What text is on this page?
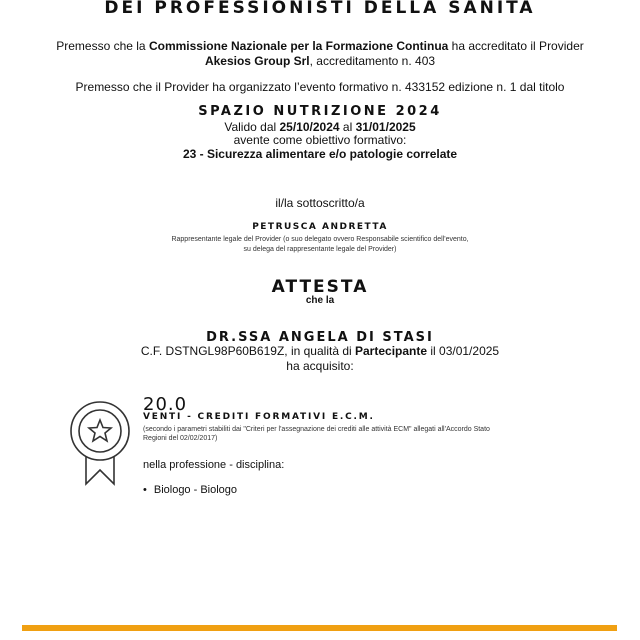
DEI PROFESSIONISTI DELLA SANITA
Premesso che la Commissione Nazionale per la Formazione Continua ha accreditato il Provider
Akesios Group Srl, accreditamento n. 403
Premesso che il Provider ha organizzato l’evento formativo n. 433152 edizione n. 1 dal titolo
SPAZIO NUTRIZIONE 2024
Valido dal 25/10/2024 al 31/01/2025
avente come obiettivo formativo:
23 - Sicurezza alimentare e/o patologie correlate
il/la sottoscritto/a
PETRUSCA ANDRETTA
Rappresentante legale del Provider (o suo delegato ovvero Responsabile scientifico dell'evento,
su delega del rappresentante legale del Provider)
ATTESTA
che la
DR.SSA ANGELA DI STASI
C.F. DSTNGL98P60B619Z, in qualità di Partecipante il 03/01/2025
ha acquisito:
20.0
VENTI - CREDITI FORMATIVI E.C.M.
(secondo i parametri stabiliti dai "Criteri per l'assegnazione dei crediti alle attività ECM" allegati all'Accordo Stato
Regioni del 02/02/2017)
nella professione - disciplina:
• Biologo - Biologo
